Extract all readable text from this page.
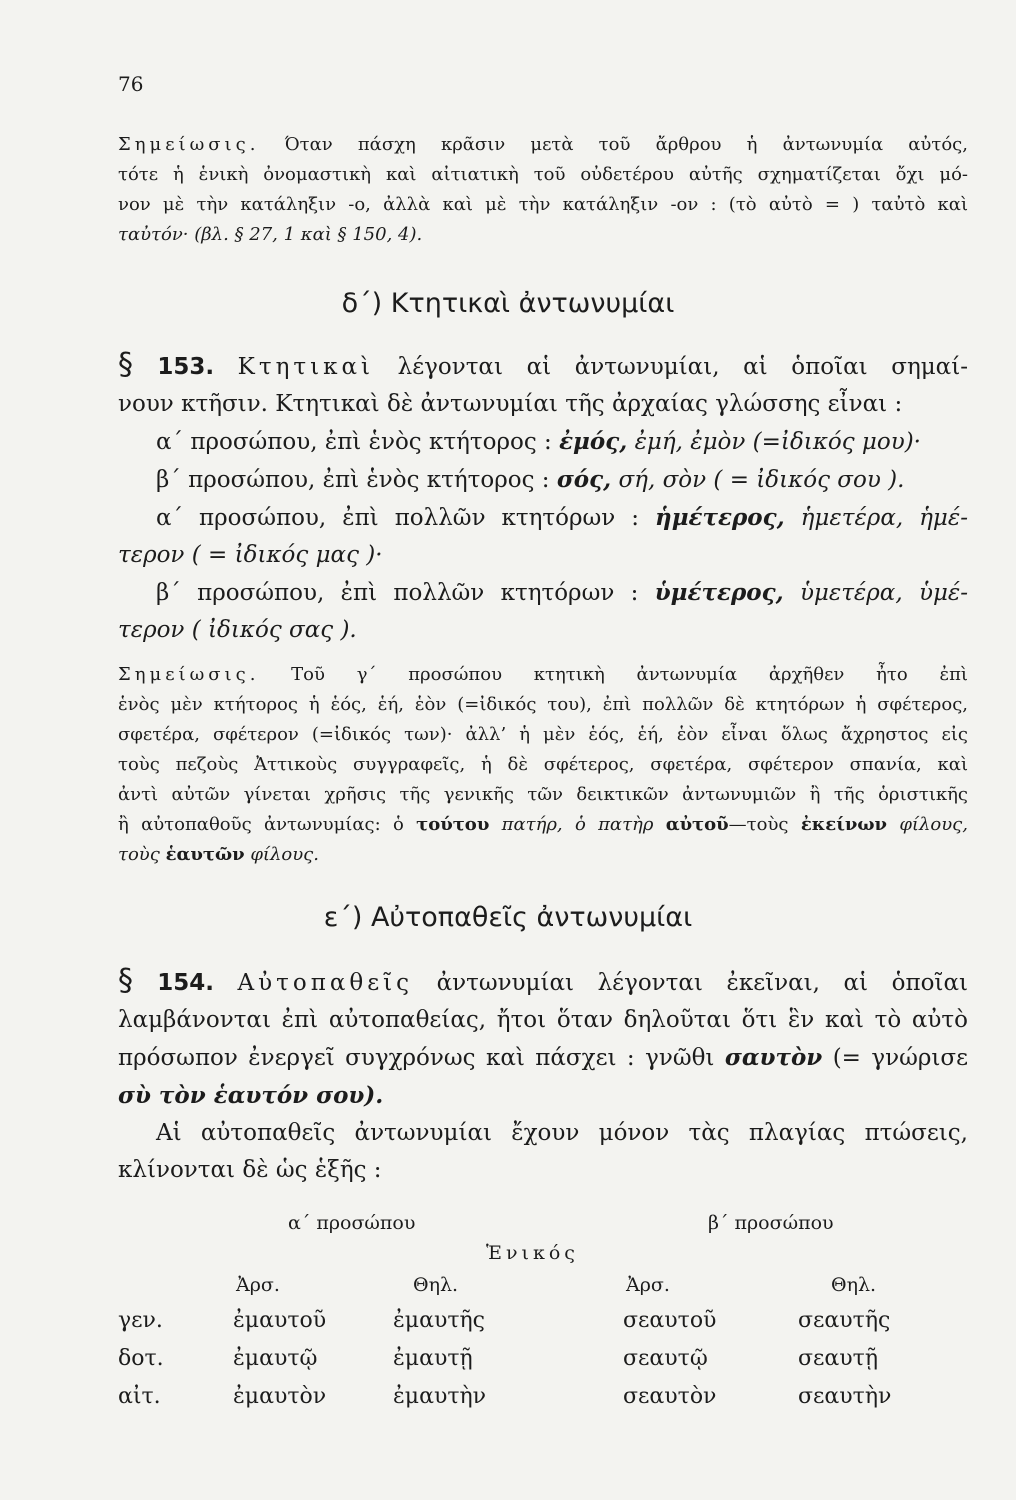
76
Σημείωσις. Όταν πάσχη κρᾶσιν μετὰ τοῦ ἄρθρου ἡ ἀντωνυμία αὐτός,
τότε ἡ ἑνικὴ ὀνομαστικὴ καὶ αἰτιατικὴ τοῦ οὐδετέρου αὐτῆς σχηματίζεται ὄχι μό-
νον μὲ τὴν κατάληξιν -ο, ἀλλὰ καὶ μὲ τὴν κατάληξιν -ον : (τὸ αὐτὸ = ) ταὐτὸ καὶ
ταὐτόν· (βλ. § 27, 1 καὶ § 150, 4).
δ΄) Κτητικαὶ ἀντωνυμίαι
§ 153. Κτητικαὶ λέγονται αἱ ἀντωνυμίαι, αἱ ὁποῖαι σημαί-
νουν κτῆσιν. Κτητικαὶ δὲ ἀντωνυμίαι τῆς ἀρχαίας γλώσσης εἶναι :
α΄ προσώπου, ἐπὶ ἑνὸς κτήτορος : ἐμός, ἐμή, ἐμὸν (=ἰδικός μου)·
β΄ προσώπου, ἐπὶ ἑνὸς κτήτορος : σός, σή, σὸν ( = ἰδικός σου ).
α΄ προσώπου, ἐπὶ πολλῶν κτητόρων : ἡμέτερος, ἡμετέρα, ἡμέ-
τερον ( = ἰδικός μας )·
β΄ προσώπου, ἐπὶ πολλῶν κτητόρων : ὑμέτερος, ὑμετέρα, ὑμέ-
τερον ( ἰδικός σας ).
Σημείωσις. Τοῦ γ΄ προσώπου κτητικὴ ἀντωνυμία ἀρχῆθεν ἦτο ἐπὶ
ἑνὸς μὲν κτήτορος ἡ ἑός, ἑή, ἑὸν (=ἰδικός του), ἐπὶ πολλῶν δὲ κτητόρων ἡ σφέτερος,
σφετέρα, σφέτερον (=ἰδικός των)· ἀλλ’ ἡ μὲν ἑός, ἑή, ἑὸν εἶναι ὅλως ἄχρηστος εἰς
τοὺς πεζοὺς Ἀττικοὺς συγγραφεῖς, ἡ δὲ σφέτερος, σφετέρα, σφέτερον σπανία, καὶ
ἀντὶ αὐτῶν γίνεται χρῆσις τῆς γενικῆς τῶν δεικτικῶν ἀντωνυμιῶν ἢ τῆς ὁριστικῆς
ἢ αὐτοπαθοῦς ἀντωνυμίας: ὁ τούτου πατήρ, ὁ πατὴρ αὐτοῦ—τοὺς ἐκείνων φίλους,
τοὺς ἑαυτῶν φίλους.
ε΄) Αὐτοπαθεῖς ἀντωνυμίαι
§ 154. Αὐτοπαθεῖς ἀντωνυμίαι λέγονται ἐκεῖναι, αἱ ὁποῖαι
λαμβάνονται ἐπὶ αὐτοπαθείας, ἤτοι ὅταν δηλοῦται ὅτι ἓν καὶ τὸ αὐτὸ
πρόσωπον ἐνεργεῖ συγχρόνως καὶ πάσχει : γνῶθι σαυτὸν (= γνώρισε
σὺ τὸν ἑαυτόν σου).
Αἱ αὐτοπαθεῖς ἀντωνυμίαι ἔχουν μόνον τὰς πλαγίας πτώσεις,
κλίνονται δὲ ὡς ἑξῆς :
α΄ προσώπου	β΄ προσώπου
Ἑνικός
Ἀρσ.	Θηλ.	Ἀρσ.	Θηλ.
γεν.	ἐμαυτοῦ	ἐμαυτῆς	σεαυτοῦ	σεαυτῆς
δοτ.	ἐμαυτῷ	ἐμαυτῇ	σεαυτῷ	σεαυτῇ
αἰτ.	ἐμαυτὸν	ἐμαυτὴν	σεαυτὸν	σεαυτὴν
